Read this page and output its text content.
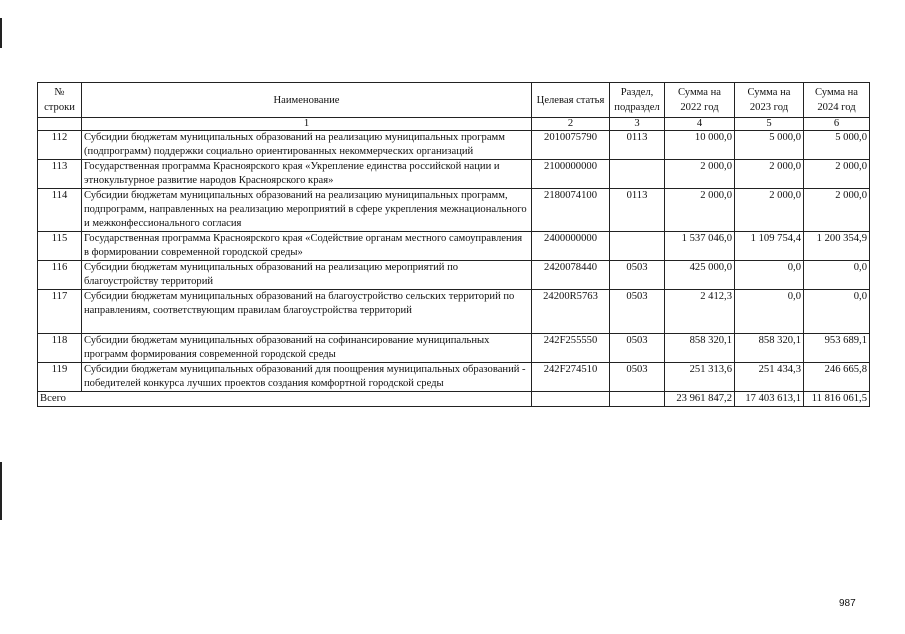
№ строки	Наименование	Целевая статья	Раздел, подраздел	Сумма на 2022 год	Сумма на 2023 год	Сумма на 2024 год
	1	2	3	4	5	6
112	Субсидии бюджетам муниципальных образований на реализацию муниципальных программ (подпрограмм) поддержки социально ориентированных некоммерческих организаций	2010075790	0113	10 000,0	5 000,0	5 000,0
113	Государственная программа Красноярского края «Укрепление единства российской нации и этнокультурное развитие народов Красноярского края»	2100000000		2 000,0	2 000,0	2 000,0
114	Субсидии бюджетам муниципальных образований на реализацию муниципальных программ, подпрограмм, направленных на реализацию мероприятий в сфере укрепления межнационального и межконфессионального согласия	2180074100	0113	2 000,0	2 000,0	2 000,0
115	Государственная программа Красноярского края «Содействие органам местного самоуправления в формировании современной городской среды»	2400000000		1 537 046,0	1 109 754,4	1 200 354,9
116	Субсидии бюджетам муниципальных образований на реализацию мероприятий по благоустройству территорий	2420078440	0503	425 000,0	0,0	0,0
117	Субсидии бюджетам муниципальных образований на благоустройство сельских территорий по направлениям, соответствующим правилам благоустройства территорий	24200R5763	0503	2 412,3	0,0	0,0
118	Субсидии бюджетам муниципальных образований на софинансирование муниципальных программ формирования современной городской среды	242F255550	0503	858 320,1	858 320,1	953 689,1
119	Субсидии бюджетам муниципальных образований для поощрения муниципальных образований - победителей конкурса лучших проектов создания комфортной городской среды	242F274510	0503	251 313,6	251 434,3	246 665,8
Всего				23 961 847,2	17 403 613,1	11 816 061,5
987
